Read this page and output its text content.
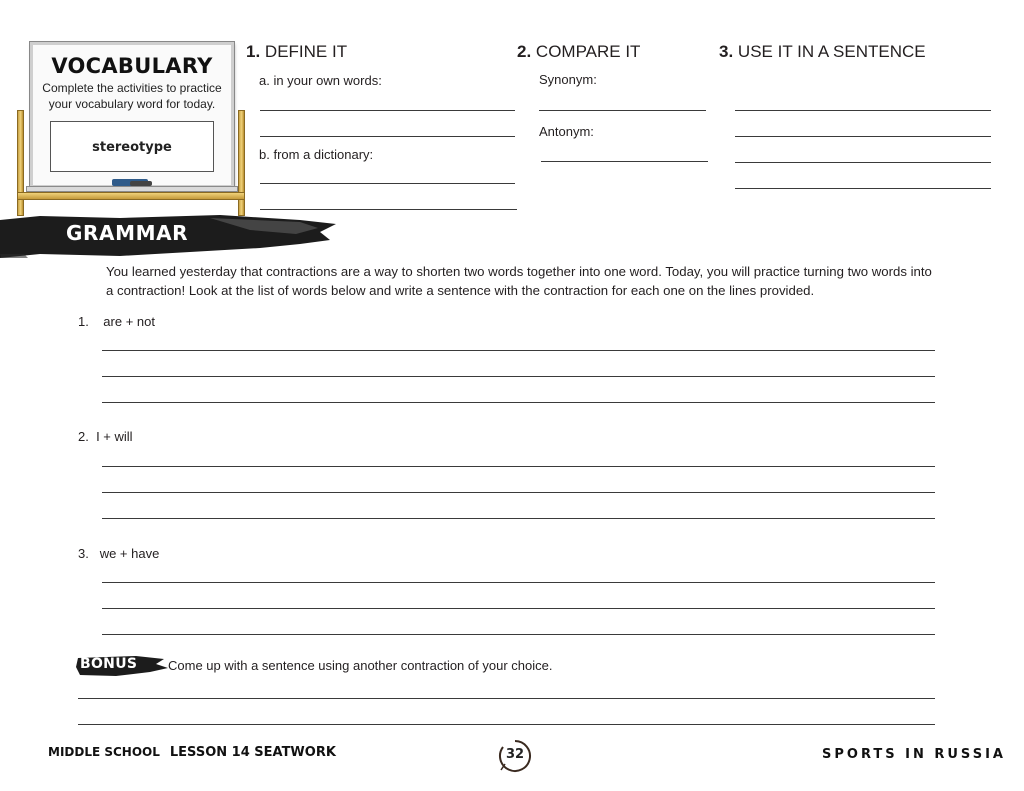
VOCABULARY
Complete the activities to practice your vocabulary word for today.
stereotype
1. DEFINE IT
a. in your own words:
b. from a dictionary:
2. COMPARE IT
Synonym:
Antonym:
3. USE IT IN A SENTENCE
GRAMMAR
You learned yesterday that contractions are a way to shorten two words together into one word. Today, you will practice turning two words into a contraction! Look at the list of words below and write a sentence with the contraction for each one on the lines provided.
1. are + not
2. I + will
3. we + have
BONUS Come up with a sentence using another contraction of your choice.
MIDDLE SCHOOL LESSON 14 SEATWORK	32	SPORTS IN RUSSIA
